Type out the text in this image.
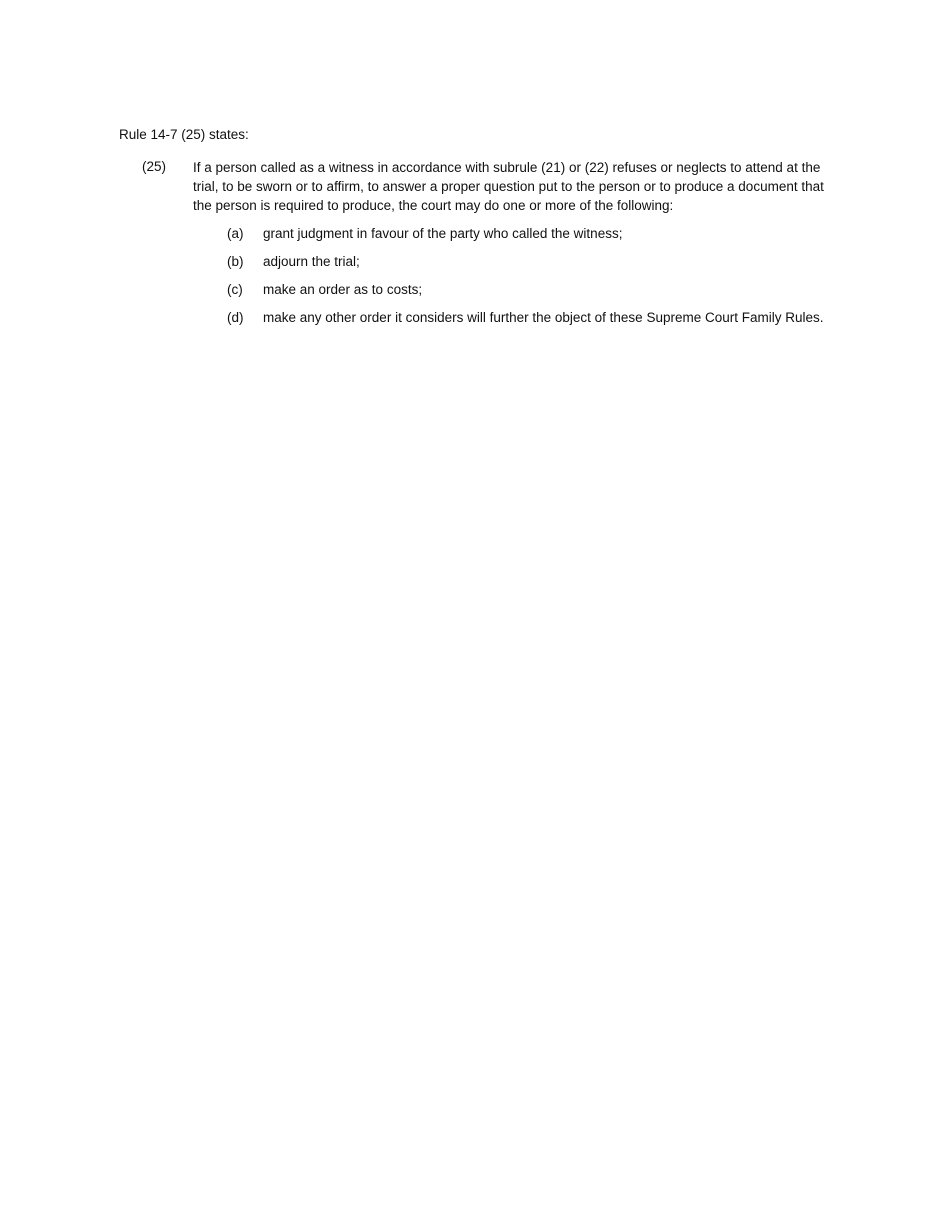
Rule 14-7 (25) states:
(25) If a person called as a witness in accordance with subrule (21) or (22) refuses or neglects to attend at the trial, to be sworn or to affirm, to answer a proper question put to the person or to produce a document that the person is required to produce, the court may do one or more of the following:
(a) grant judgment in favour of the party who called the witness;
(b) adjourn the trial;
(c) make an order as to costs;
(d) make any other order it considers will further the object of these Supreme Court Family Rules.
